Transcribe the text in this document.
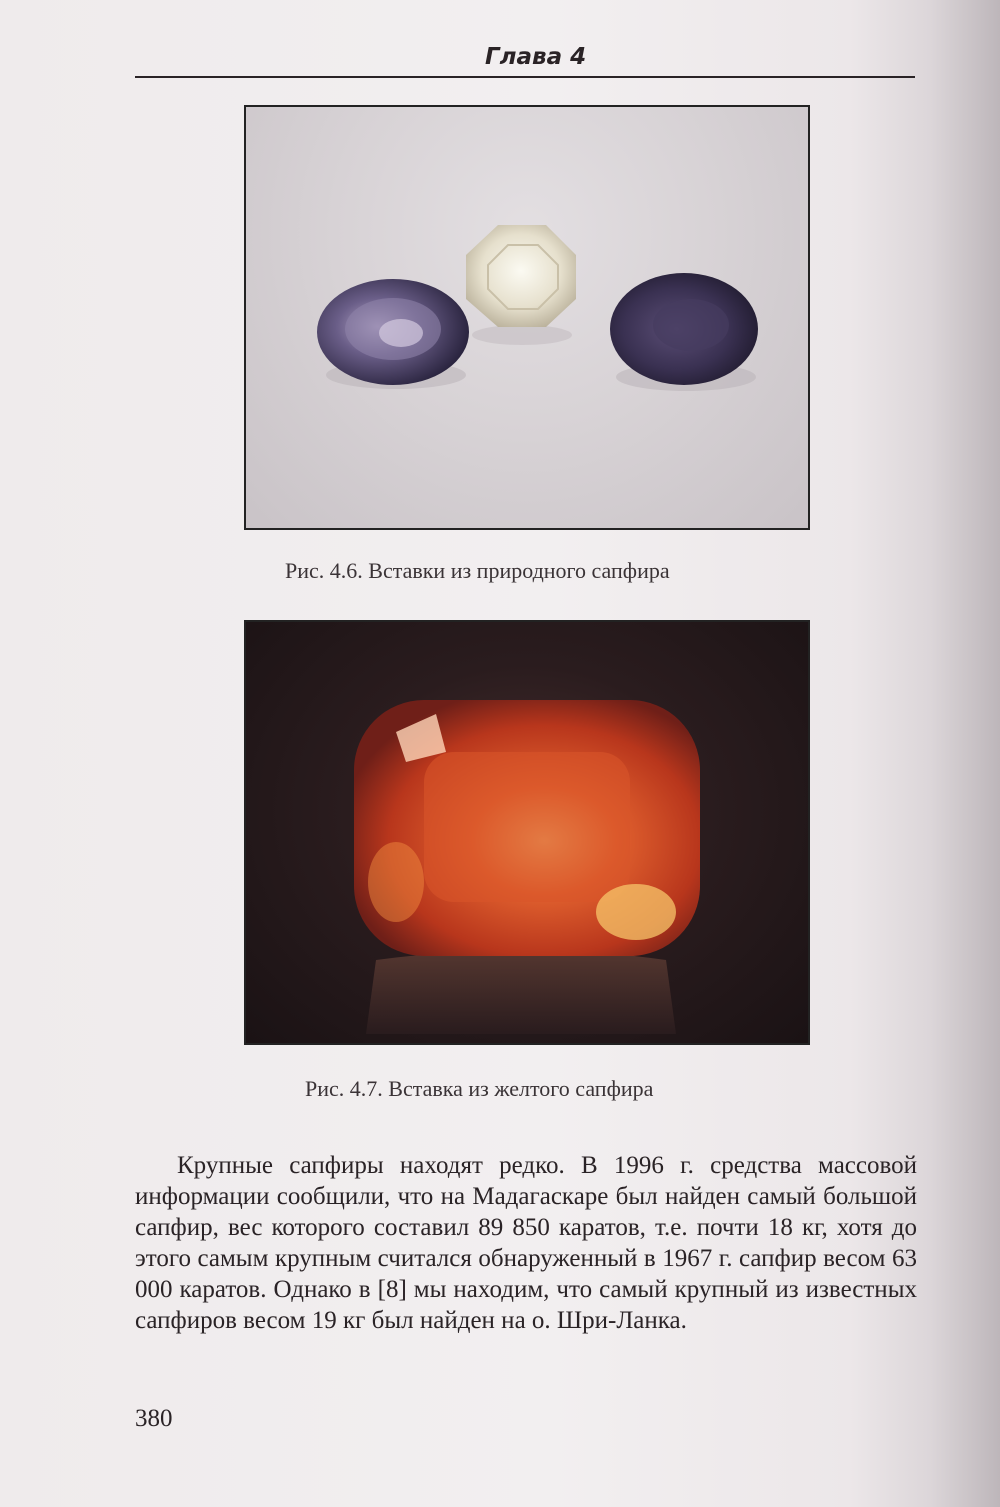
Глава 4
Рис. 4.6. Вставки из природного сапфира
Рис. 4.7. Вставка из желтого сапфира

Крупные сапфиры находят редко. В 1996 г. средства массовой информации сообщили, что на Мадагаскаре был найден самый большой сапфир, вес которого составил 89 850 каратов, т.е. почти 18 кг, хотя до этого самым крупным считался обнаруженный в 1967 г. сапфир весом 63 000 каратов. Однако в [8] мы находим, что самый крупный из известных сапфиров весом 19 кг был найден на о. Шри-Ланка.

380
